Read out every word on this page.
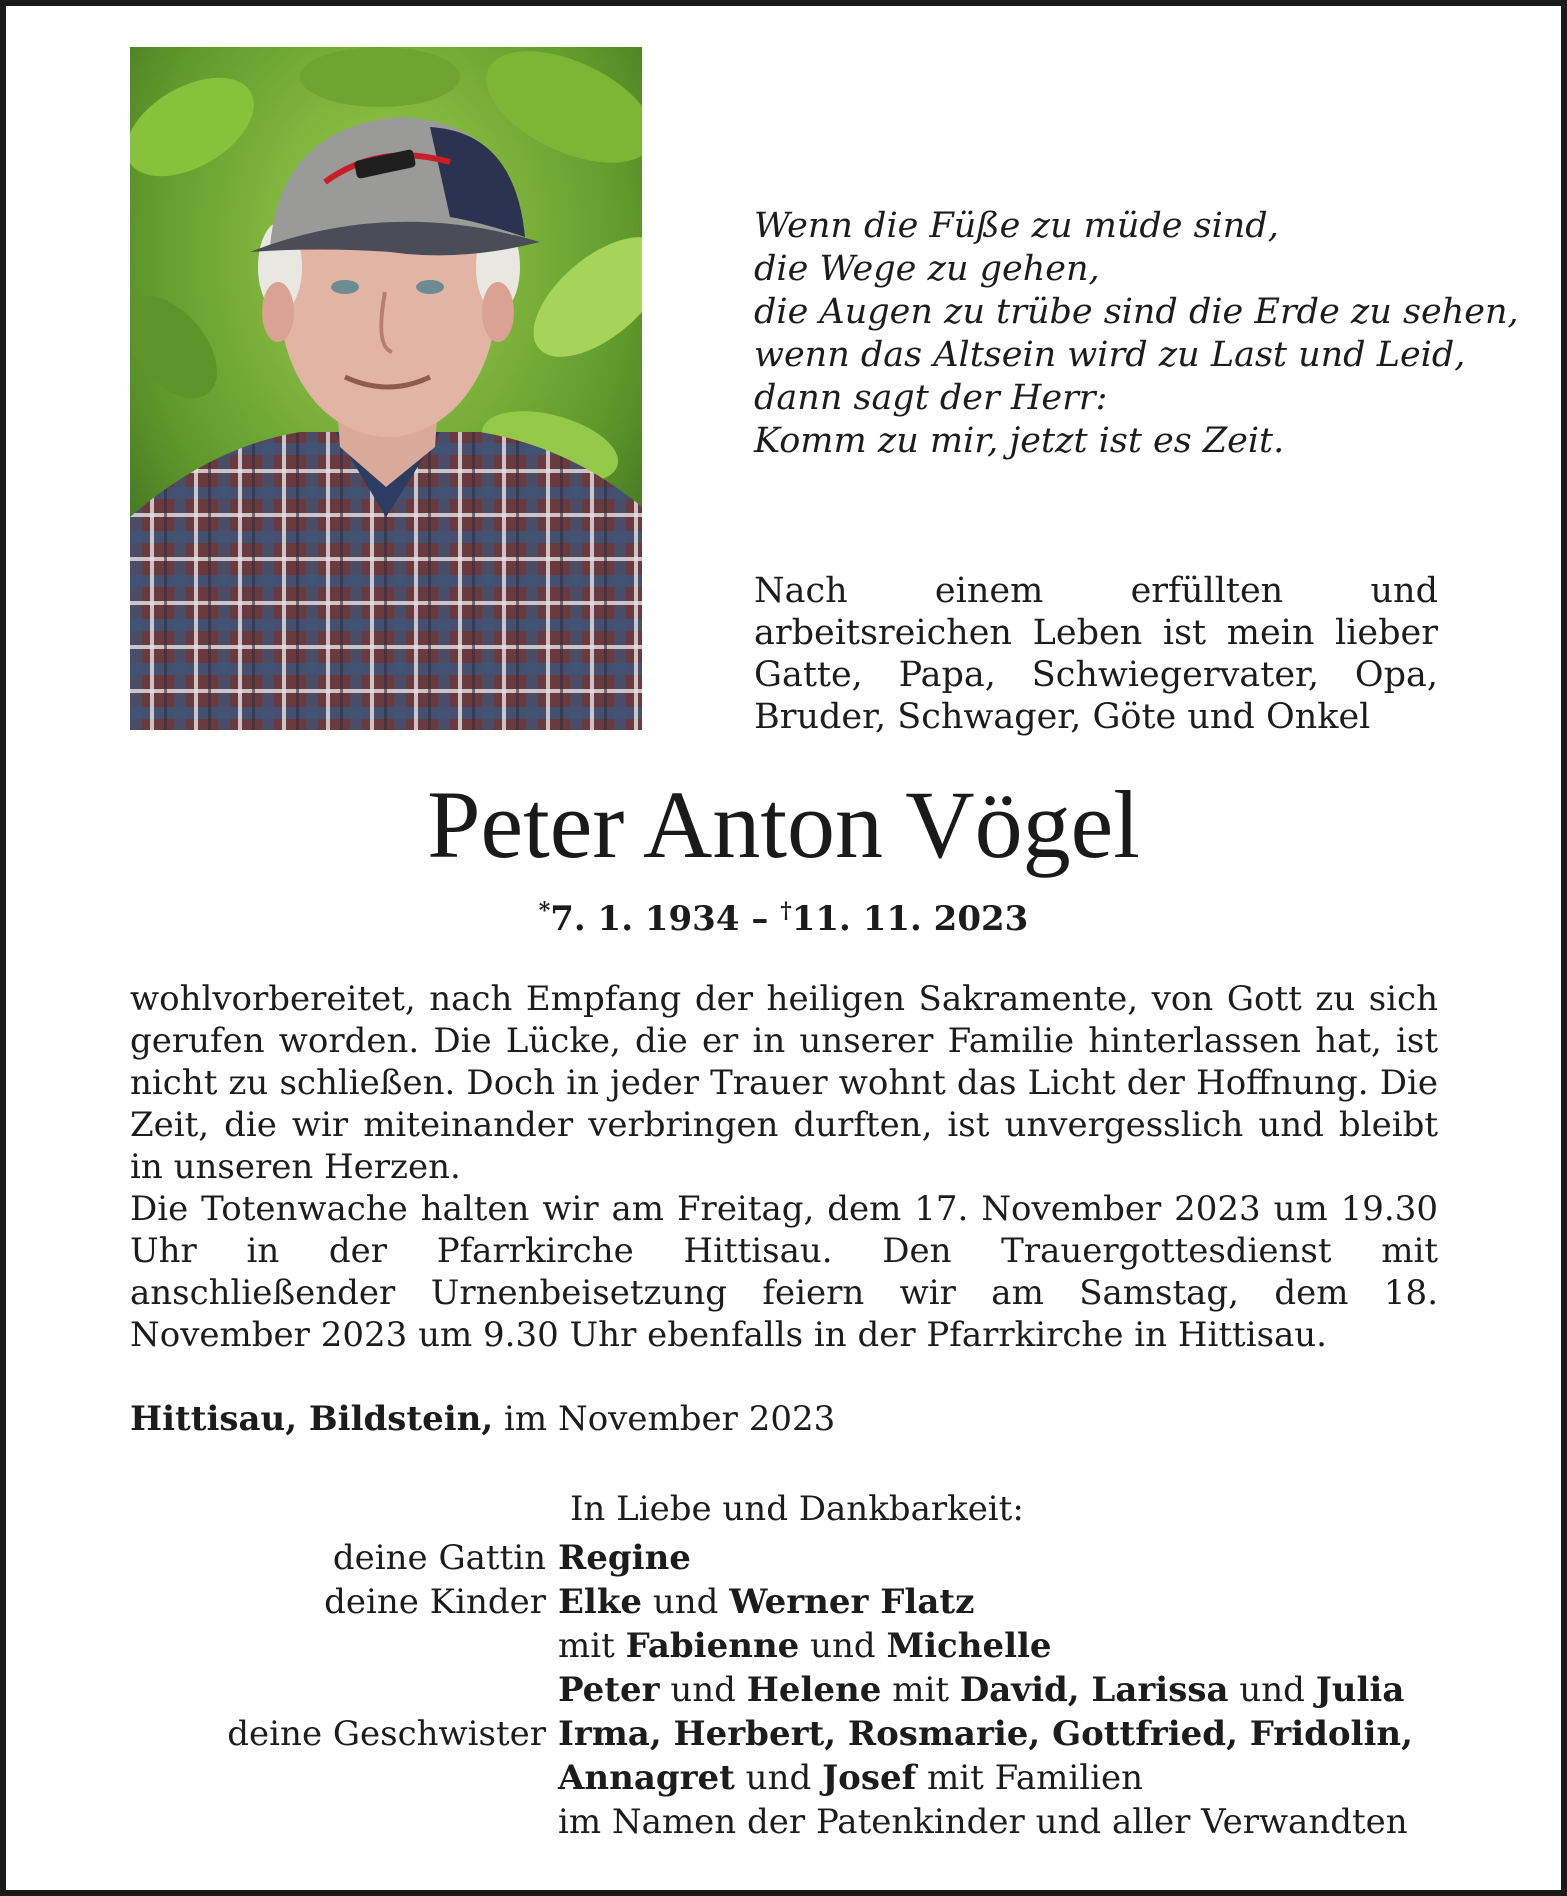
Wenn die Füße zu müde sind,
die Wege zu gehen,
die Augen zu trübe sind die Erde zu sehen,
wenn das Altsein wird zu Last und Leid,
dann sagt der Herr:
Komm zu mir, jetzt ist es Zeit.
Nach einem erfüllten und arbeitsreichen Leben ist mein lieber Gatte, Papa, Schwiegervater, Opa, Bruder, Schwager, Göte und Onkel
Peter Anton Vögel
*7. 1. 1934 – †11. 11. 2023

wohlvorbereitet, nach Empfang der heiligen Sakramente, von Gott zu sich gerufen worden. Die Lücke, die er in unserer Familie hinterlassen hat, ist nicht zu schließen. Doch in jeder Trauer wohnt das Licht der Hoffnung. Die Zeit, die wir miteinander verbringen durften, ist unvergesslich und bleibt in unseren Herzen.

Die Totenwache halten wir am Freitag, dem 17. November 2023 um 19.30 Uhr in der Pfarrkirche Hittisau. Den Trauergottesdienst mit anschließender Urnenbeisetzung feiern wir am Samstag, dem 18. November 2023 um 9.30 Uhr ebenfalls in der Pfarrkirche in Hittisau.

Hittisau, Bildstein, im November 2023
In Liebe und Dankbarkeit:
deine Gattin Regine
deine Kinder Elke und Werner Flatz
mit Fabienne und Michelle
Peter und Helene mit David, Larissa und Julia
deine Geschwister Irma, Herbert, Rosmarie, Gottfried, Fridolin,
Annagret und Josef mit Familien
im Namen der Patenkinder und aller Verwandten
